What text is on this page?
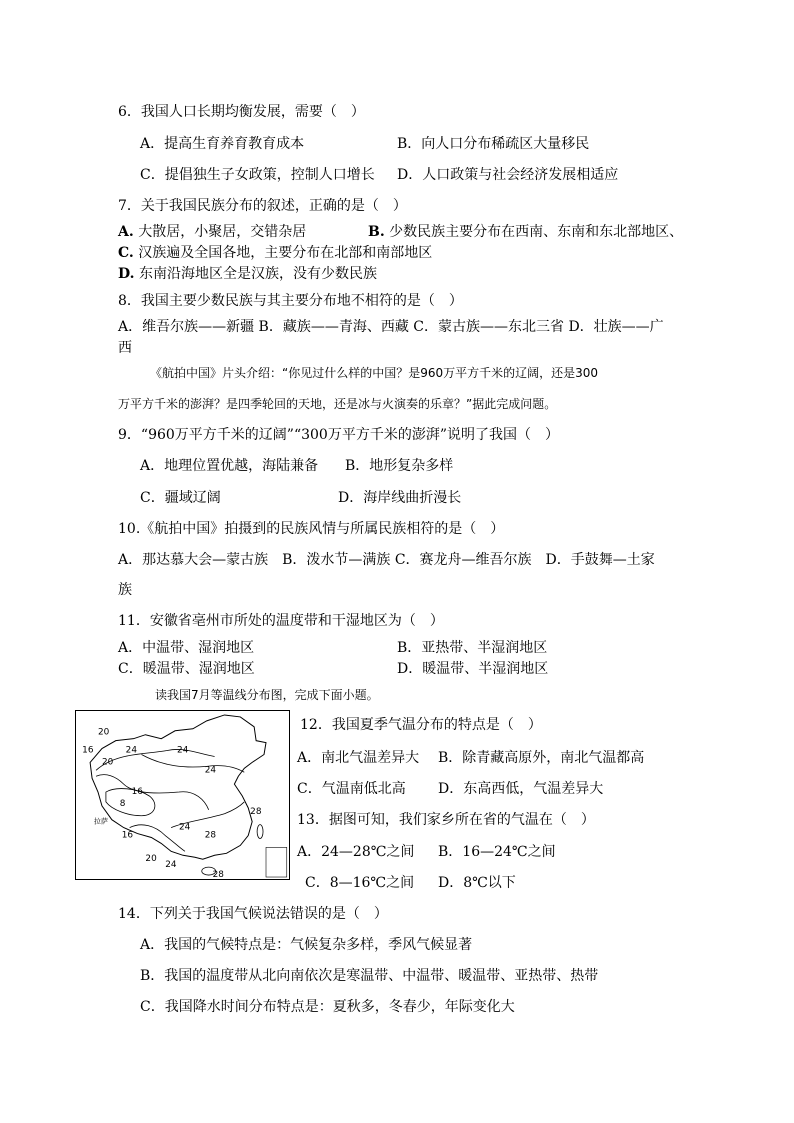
6．我国人口长期均衡发展，需要（　）
A．提高生育养育教育成本	B．向人口分布稀疏区大量移民
C．提倡独生子女政策，控制人口增长 D．人口政策与社会经济发展相适应
7．关于我国民族分布的叙述，正确的是（　）
A. 大散居，小聚居，交错杂居	B. 少数民族主要分布在西南、东南和东北部地区、
C. 汉族遍及全国各地，主要分布在北部和南部地区
D. 东南沿海地区全是汉族，没有少数民族
8．我国主要少数民族与其主要分布地不相符的是（　）
A．维吾尔族——新疆 B．藏族——青海、西藏 C．蒙古族——东北三省 D．壮族——广
西
《航拍中国》片头介绍：“你见过什么样的中国？是960万平方千米的辽阔，还是300
万平方千米的澎湃？是四季轮回的天地，还是冰与火演奏的乐章？”据此完成问题。
9．“960万平方千米的辽阔”“300万平方千米的澎湃”说明了我国（　）
A．地理位置优越，海陆兼备 B．地形复杂多样
C．疆域辽阔	D．海岸线曲折漫长
10.《航拍中国》拍摄到的民族风情与所属民族相符的是（　）
A．那达慕大会—蒙古族　B．泼水节—满族 C．赛龙舟—维吾尔族　D．手鼓舞—土家
族
11．安徽省亳州市所处的温度带和干湿地区为（　）
A．中温带、湿润地区	B．亚热带、半湿润地区
C．暖温带、湿润地区	D．暖温带、半湿润地区
读我国7月等温线分布图，完成下面小题。
20
24
16
20
24
24
8
16
拉萨
28
24
16	28
20
24
28
12．我国夏季气温分布的特点是（　）
A．南北气温差异大 B．除青藏高原外，南北气温都高
C．气温南低北高 D．东高西低，气温差异大
13．据图可知，我们家乡所在省的气温在（　）
A．24—28℃之间 B．16—24℃之间
C．8—16℃之间 D．8℃以下
14．下列关于我国气候说法错误的是（　）
A．我国的气候特点是：气候复杂多样，季风气候显著
B．我国的温度带从北向南依次是寒温带、中温带、暖温带、亚热带、热带
C．我国降水时间分布特点是：夏秋多，冬春少，年际变化大
